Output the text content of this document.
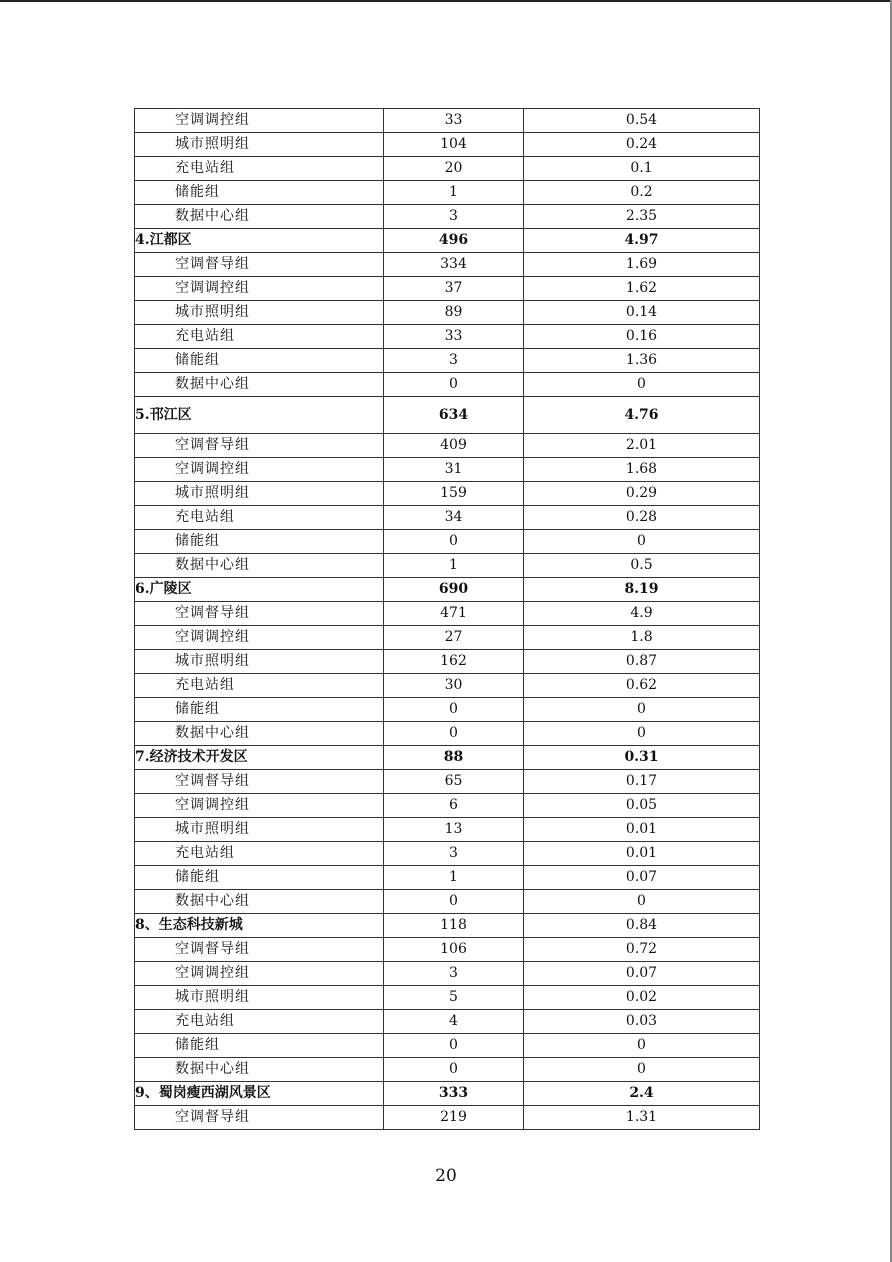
空调调控组	33	0.54
城市照明组	104	0.24
充电站组	20	0.1
储能组	1	0.2
数据中心组	3	2.35
4.江都区	496	4.97
空调督导组	334	1.69
空调调控组	37	1.62
城市照明组	89	0.14
充电站组	33	0.16
储能组	3	1.36
数据中心组	0	0
5.邗江区	634	4.76
空调督导组	409	2.01
空调调控组	31	1.68
城市照明组	159	0.29
充电站组	34	0.28
储能组	0	0
数据中心组	1	0.5
6.广陵区	690	8.19
空调督导组	471	4.9
空调调控组	27	1.8
城市照明组	162	0.87
充电站组	30	0.62
储能组	0	0
数据中心组	0	0
7.经济技术开发区	88	0.31
空调督导组	65	0.17
空调调控组	6	0.05
城市照明组	13	0.01
充电站组	3	0.01
储能组	1	0.07
数据中心组	0	0
8、生态科技新城	118	0.84
空调督导组	106	0.72
空调调控组	3	0.07
城市照明组	5	0.02
充电站组	4	0.03
储能组	0	0
数据中心组	0	0
9、蜀岗瘦西湖风景区	333	2.4
空调督导组	219	1.31
20
